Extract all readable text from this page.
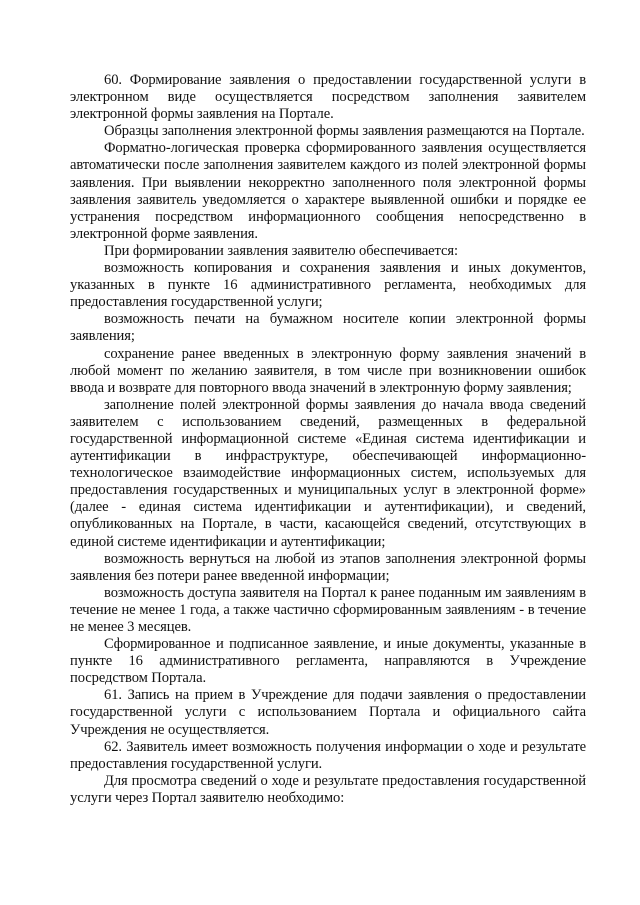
60. Формирование заявления о предоставлении государственной услуги в электронном виде осуществляется посредством заполнения заявителем электронной формы заявления на Портале.

Образцы заполнения электронной формы заявления размещаются на Портале.

Форматно-логическая проверка сформированного заявления осуществляется автоматически после заполнения заявителем каждого из полей электронной формы заявления. При выявлении некорректно заполненного поля электронной формы заявления заявитель уведомляется о характере выявленной ошибки и порядке ее устранения посредством информационного сообщения непосредственно в электронной форме заявления.

При формировании заявления заявителю обеспечивается:

возможность копирования и сохранения заявления и иных документов, указанных в пункте 16 административного регламента, необходимых для предоставления государственной услуги;

возможность печати на бумажном носителе копии электронной формы заявления;

сохранение ранее введенных в электронную форму заявления значений в любой момент по желанию заявителя, в том числе при возникновении ошибок ввода и возврате для повторного ввода значений в электронную форму заявления;

заполнение полей электронной формы заявления до начала ввода сведений заявителем с использованием сведений, размещенных в федеральной государственной информационной системе «Единая система идентификации и аутентификации в инфраструктуре, обеспечивающей информационно-технологическое взаимодействие информационных систем, используемых для предоставления государственных и муниципальных услуг в электронной форме» (далее - единая система идентификации и аутентификации), и сведений, опубликованных на Портале, в части, касающейся сведений, отсутствующих в единой системе идентификации и аутентификации;

возможность вернуться на любой из этапов заполнения электронной формы заявления без потери ранее введенной информации;

возможность доступа заявителя на Портал к ранее поданным им заявлениям в течение не менее 1 года, а также частично сформированным заявлениям - в течение не менее 3 месяцев.

Сформированное и подписанное заявление, и иные документы, указанные в пункте 16 административного регламента, направляются в Учреждение посредством Портала.

61. Запись на прием в Учреждение для подачи заявления о предоставлении государственной услуги с использованием Портала и официального сайта Учреждения не осуществляется.

62. Заявитель имеет возможность получения информации о ходе и результате предоставления государственной услуги.

Для просмотра сведений о ходе и результате предоставления государственной услуги через Портал заявителю необходимо:
